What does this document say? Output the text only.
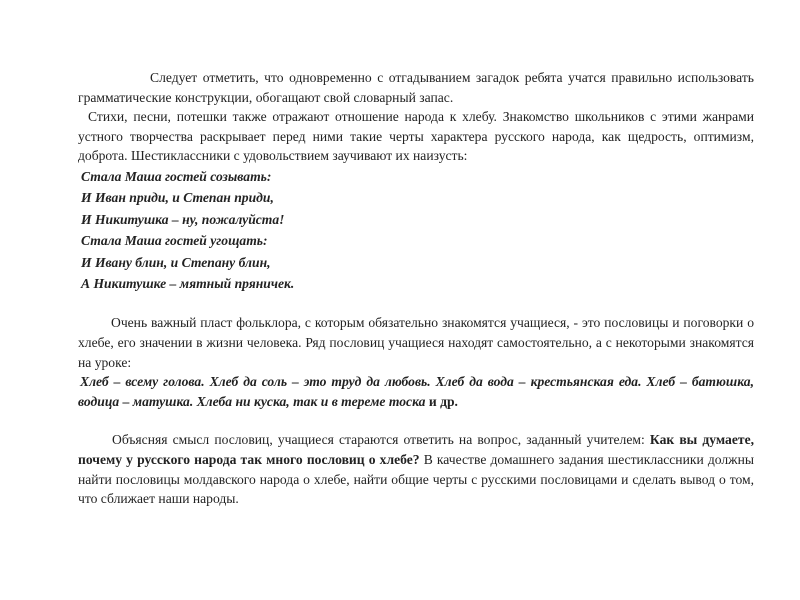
Следует отметить, что одновременно с отгадыванием загадок ребята учатся правильно использовать грамматические конструкции, обогащают свой словарный запас.

Стихи, песни, потешки также отражают отношение народа к хлебу. Знакомство школьников с этими жанрами устного творчества раскрывает перед ними такие черты характера русского народа, как щедрость, оптимизм, доброта. Шестиклассники с удовольствием заучивают их наизусть:

Стала Маша гостей созывать:
И Иван приди, и Степан приди,
И Никитушка – ну, пожалуйста!
Стала Маша гостей угощать:
И Ивану блин, и Степану блин,
А Никитушке – мятный пряничек.

Очень важный пласт фольклора, с которым обязательно знакомятся учащиеся, - это пословицы и поговорки о хлебе, его значении в жизни человека. Ряд пословиц учащиеся находят самостоятельно, а с некоторыми знакомятся на уроке:

Хлеб – всему голова. Хлеб да соль – это труд да любовь. Хлеб да вода – крестьянская еда. Хлеб – батюшка, водица – матушка. Хлеба ни куска, так и в тереме тоска и др.

Объясняя смысл пословиц, учащиеся стараются ответить на вопрос, заданный учителем: Как вы думаете, почему у русского народа так много пословиц о хлебе? В качестве домашнего задания шестиклассники должны найти пословицы молдавского народа о хлебе, найти общие черты с русскими пословицами и сделать вывод о том, что сближает наши народы.
